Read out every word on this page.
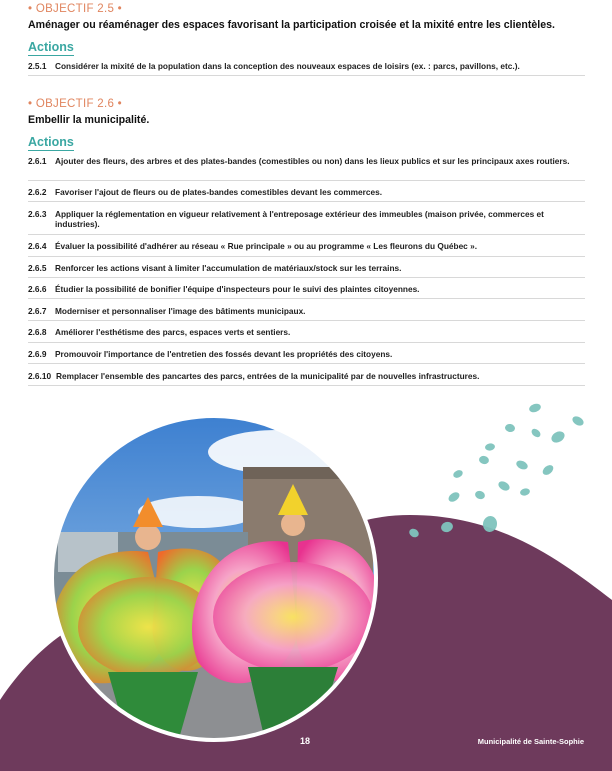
• OBJECTIF 2.5 •
Aménager ou réaménager des espaces favorisant la participation croisée et la mixité entre les clientèles.
Actions
2.5.1	Considérer la mixité de la population dans la conception des nouveaux espaces de loisirs (ex. : parcs, pavillons, etc.).
• OBJECTIF 2.6 •
Embellir la municipalité.
Actions
2.6.1	Ajouter des fleurs, des arbres et des plates-bandes (comestibles ou non) dans les lieux publics et sur les principaux axes routiers.
2.6.2	Favoriser l'ajout de fleurs ou de plates-bandes comestibles devant les commerces.
2.6.3	Appliquer la réglementation en vigueur relativement à l'entreposage extérieur des immeubles (maison privée, commerces et industries).
2.6.4	Évaluer la possibilité d'adhérer au réseau « Rue principale » ou au programme « Les fleurons du Québec ».
2.6.5	Renforcer les actions visant à limiter l'accumulation de matériaux/stock sur les terrains.
2.6.6	Étudier la possibilité de bonifier l'équipe d'inspecteurs pour le suivi des plaintes citoyennes.
2.6.7	Moderniser et personnaliser l'image des bâtiments municipaux.
2.6.8	Améliorer l'esthétisme des parcs, espaces verts et sentiers.
2.6.9	Promouvoir l'importance de l'entretien des fossés devant les propriétés des citoyens.
2.6.10 Remplacer l'ensemble des pancartes des parcs, entrées de la municipalité par de nouvelles infrastructures.
18	Municipalité de Sainte-Sophie
